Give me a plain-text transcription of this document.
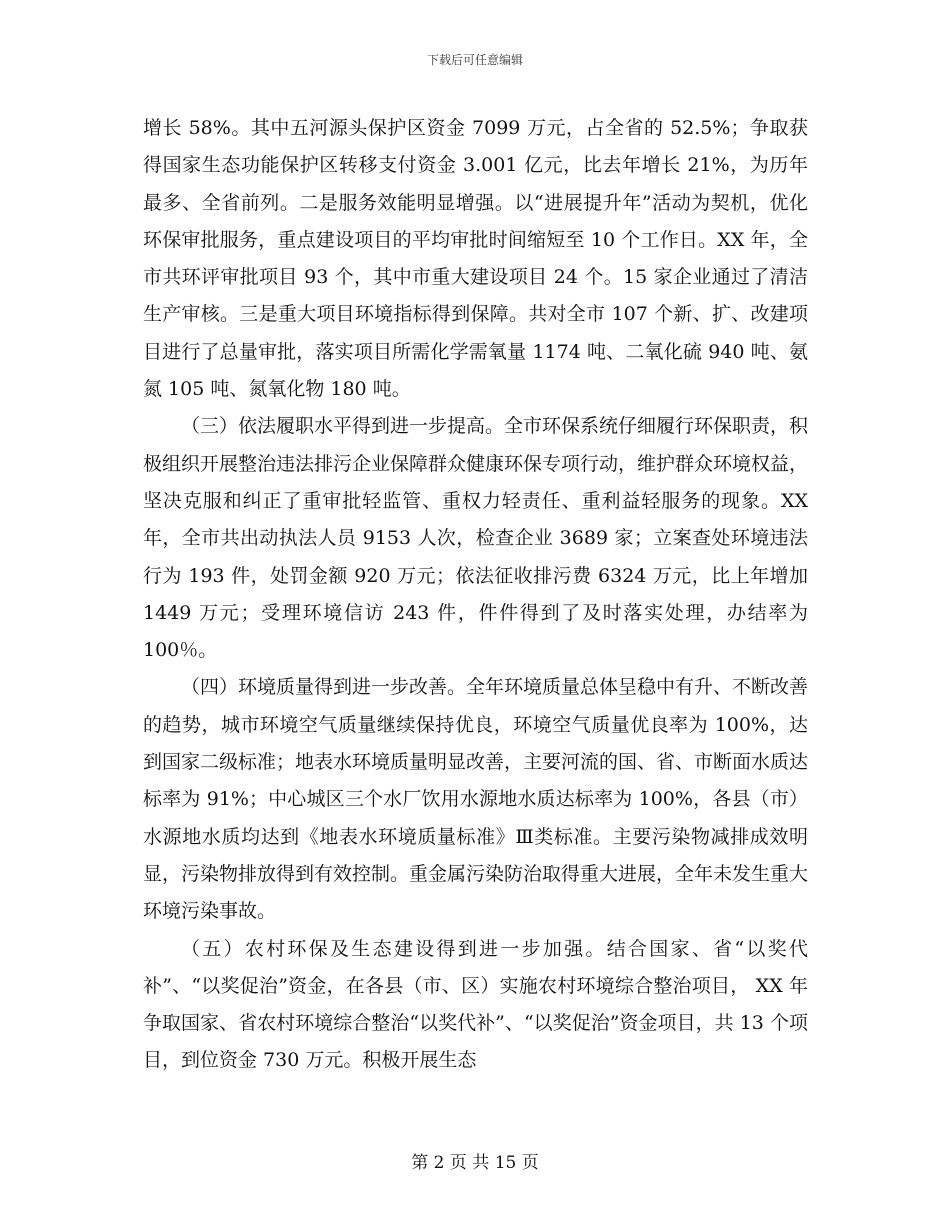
下载后可任意编辑

增长 58%。其中五河源头保护区资金 7099 万元，占全省的 52.5%；争取获得国家生态功能保护区转移支付资金 3.001 亿元，比去年增长 21%，为历年最多、全省前列。二是服务效能明显增强。以“进展提升年”活动为契机，优化环保审批服务，重点建设项目的平均审批时间缩短至 10 个工作日。XX 年，全市共环评审批项目 93 个，其中市重大建设项目 24 个。15 家企业通过了清洁生产审核。三是重大项目环境指标得到保障。共对全市 107 个新、扩、改建项目进行了总量审批，落实项目所需化学需氧量 1174 吨、二氧化硫 940 吨、氨氮 105 吨、氮氧化物 180 吨。

（三）依法履职水平得到进一步提高。全市环保系统仔细履行环保职责，积极组织开展整治违法排污企业保障群众健康环保专项行动，维护群众环境权益，坚决克服和纠正了重审批轻监管、重权力轻责任、重利益轻服务的现象。XX 年，全市共出动执法人员 9153 人次，检查企业 3689 家；立案查处环境违法行为 193 件，处罚金额 920 万元；依法征收排污费 6324 万元，比上年增加 1449 万元；受理环境信访 243 件，件件得到了及时落实处理，办结率为 100％。

（四）环境质量得到进一步改善。全年环境质量总体呈稳中有升、不断改善的趋势，城市环境空气质量继续保持优良，环境空气质量优良率为 100%，达到国家二级标准；地表水环境质量明显改善，主要河流的国、省、市断面水质达标率为 91%；中心城区三个水厂饮用水源地水质达标率为 100%，各县（市）水源地水质均达到《地表水环境质量标准》Ⅲ类标准。主要污染物减排成效明显，污染物排放得到有效控制。重金属污染防治取得重大进展，全年未发生重大环境污染事故。

（五）农村环保及生态建设得到进一步加强。结合国家、省“以奖代补”、“以奖促治”资金，在各县（市、区）实施农村环境综合整治项目， XX 年争取国家、省农村环境综合整治“以奖代补”、“以奖促治”资金项目，共 13 个项目，到位资金 730 万元。积极开展生态

第 2 页 共 15 页
